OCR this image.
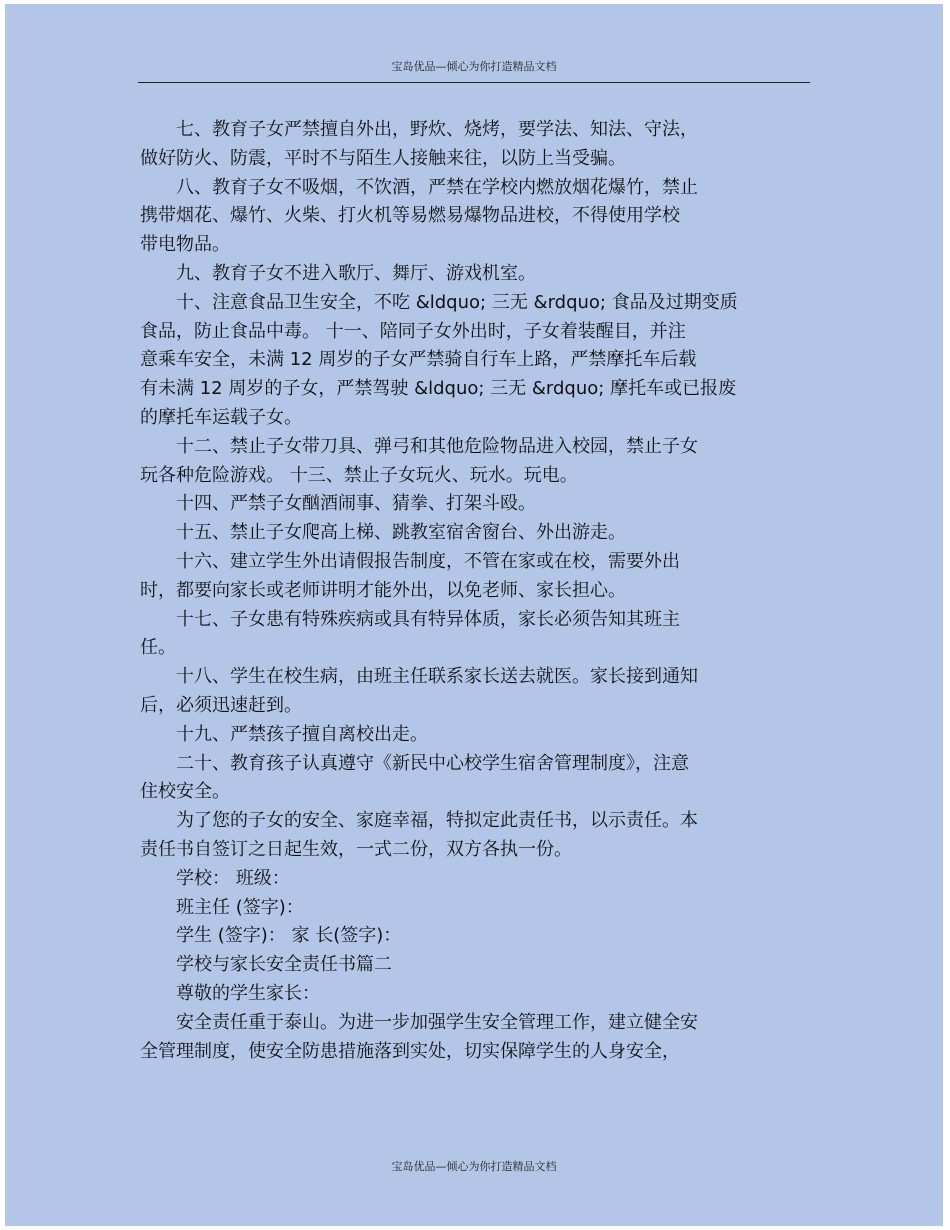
宝岛优品—倾心为你打造精品文档

七、教育子女严禁擅自外出，野炊、烧烤，要学法、知法、守法，

做好防火、防震，平时不与陌生人接触来往，以防上当受骗。

八、教育子女不吸烟，不饮酒，严禁在学校内燃放烟花爆竹，禁止

携带烟花、爆竹、火柴、打火机等易燃易爆物品进校，不得使用学校

带电物品。

九、教育子女不进入歌厅、舞厅、游戏机室。

十、注意食品卫生安全，不吃 &ldquo; 三无 &rdquo; 食品及过期变质

食品，防止食品中毒。 十一、陪同子女外出时，子女着装醒目，并注

意乘车安全，未满 12 周岁的子女严禁骑自行车上路，严禁摩托车后载

有未满 12 周岁的子女，严禁驾驶 &ldquo; 三无 &rdquo; 摩托车或已报废

的摩托车运载子女。

十二、禁止子女带刀具、弹弓和其他危险物品进入校园，禁止子女

玩各种危险游戏。 十三、禁止子女玩火、玩水。玩电。

十四、严禁子女酗酒闹事、猜拳、打架斗殴。

十五、禁止子女爬高上梯、跳教室宿舍窗台、外出游走。

十六、建立学生外出请假报告制度，不管在家或在校，需要外出

时，都要向家长或老师讲明才能外出，以免老师、家长担心。

十七、子女患有特殊疾病或具有特异体质，家长必须告知其班主

任。

十八、学生在校生病，由班主任联系家长送去就医。家长接到通知

后，必须迅速赶到。

十九、严禁孩子擅自离校出走。

二十、教育孩子认真遵守《新民中心校学生宿舍管理制度》，注意

住校安全。

为了您的子女的安全、家庭幸福，特拟定此责任书，以示责任。本

责任书自签订之日起生效，一式二份，双方各执一份。

学校： 班级：

班主任 (签字)：

学生 (签字)： 家 长(签字)：

学校与家长安全责任书篇二

尊敬的学生家长：

安全责任重于泰山。为进一步加强学生安全管理工作，建立健全安

全管理制度，使安全防患措施落到实处，切实保障学生的人身安全，

宝岛优品—倾心为你打造精品文档
